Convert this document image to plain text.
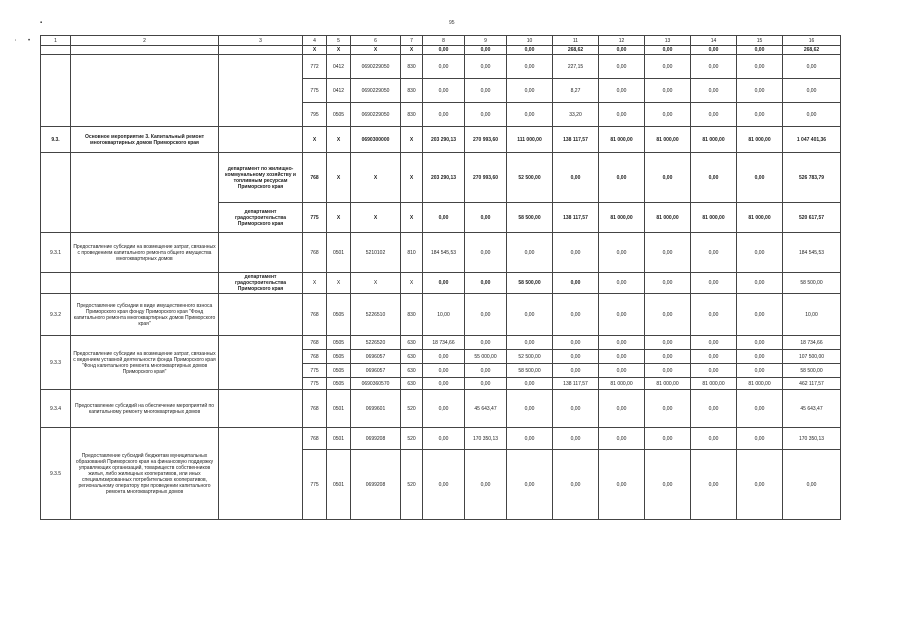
95
▪
ʼ •	1	2	3	4	5	6	7	8	9	10	11	12	13	14	15	16
			X	X	X	X	0,00	0,00	0,00	268,62	0,00	0,00	0,00	0,00	268,62
			772	0412	0690229050	830	0,00	0,00	0,00	227,15	0,00	0,00	0,00	0,00	0,00
			775	0412	0690229050	830	0,00	0,00	0,00	8,27	0,00	0,00	0,00	0,00	0,00
			795	0505	0690229050	830	0,00	0,00	0,00	33,20	0,00	0,00	0,00	0,00	0,00
9.3.	Основное мероприятие 3. Капитальный ремонт многоквартирных домов Приморского края		X	X	0690300000	X	203 290,13	270 993,60	111 000,00	138 117,57	81 000,00	81 000,00	81 000,00	81 000,00	1 047 401,36
		департамент по жилищно-коммунальному хозяйству и топливным ресурсам Приморского края	768	X	X	X	203 290,13	270 993,60	52 500,00	0,00	0,00	0,00	0,00	0,00	526 783,79
		департамент градостроительства Приморского края	775	X	X	X	0,00	0,00	58 500,00	138 117,57	81 000,00	81 000,00	81 000,00	81 000,00	520 617,57
9.3.1	Предоставление субсидии на возмещение затрат, связанных с проведением капитального ремонта общего имущества многоквартирных домов		768	0501	5210102	810	184 545,53	0,00	0,00	0,00	0,00	0,00	0,00	0,00	184 545,53
		департамент градостроительства Приморского края	X	X	X	X	0,00	0,00	58 500,00	0,00	0,00	0,00	0,00	0,00	58 500,00
9.3.2	Предоставление субсидии в виде имущественного взноса Приморского края фонду Приморского края "Фонд капитального ремонта многоквартирных домов Приморского края"		768	0505	5226510	830	10,00	0,00	0,00	0,00	0,00	0,00	0,00	0,00	10,00
9.3.3	Предоставление субсидии на возмещение затрат, связанных с ведением уставной деятельности фонда Приморского края "Фонд капитального ремонта многоквартирных домов Приморского края"		768	0505	5226520	630	18 734,66	0,00	0,00	0,00	0,00	0,00	0,00	0,00	18 734,66
			768	0505	0696057	630	0,00	55 000,00	52 500,00	0,00	0,00	0,00	0,00	0,00	107 500,00
			775	0505	0696057	630	0,00	0,00	58 500,00	0,00	0,00	0,00	0,00	0,00	58 500,00
			775	0505	0690360570	630	0,00	0,00	0,00	138 117,57	81 000,00	81 000,00	81 000,00	81 000,00	462 117,57
9.3.4	Предоставление субсидий на обеспечение мероприятий по капитальному ремонту многоквартирных домов		768	0501	0699601	520	0,00	45 643,47	0,00	0,00	0,00	0,00	0,00	0,00	45 643,47
9.3.5	Предоставление субсидий бюджетам муниципальных образований Приморского края на финансовую поддержку управляющих организаций, товариществ собственников жилья, либо жилищных кооперативов, или иных специализированных потребительских кооперативов, региональному оператору при проведении капитального ремонта многоквартирных домов		768	0501	0699208	520	0,00	170 350,13	0,00	0,00	0,00	0,00	0,00	0,00	170 350,13
			775	0501	0699208	520	0,00	0,00	0,00	0,00	0,00	0,00	0,00	0,00	0,00
